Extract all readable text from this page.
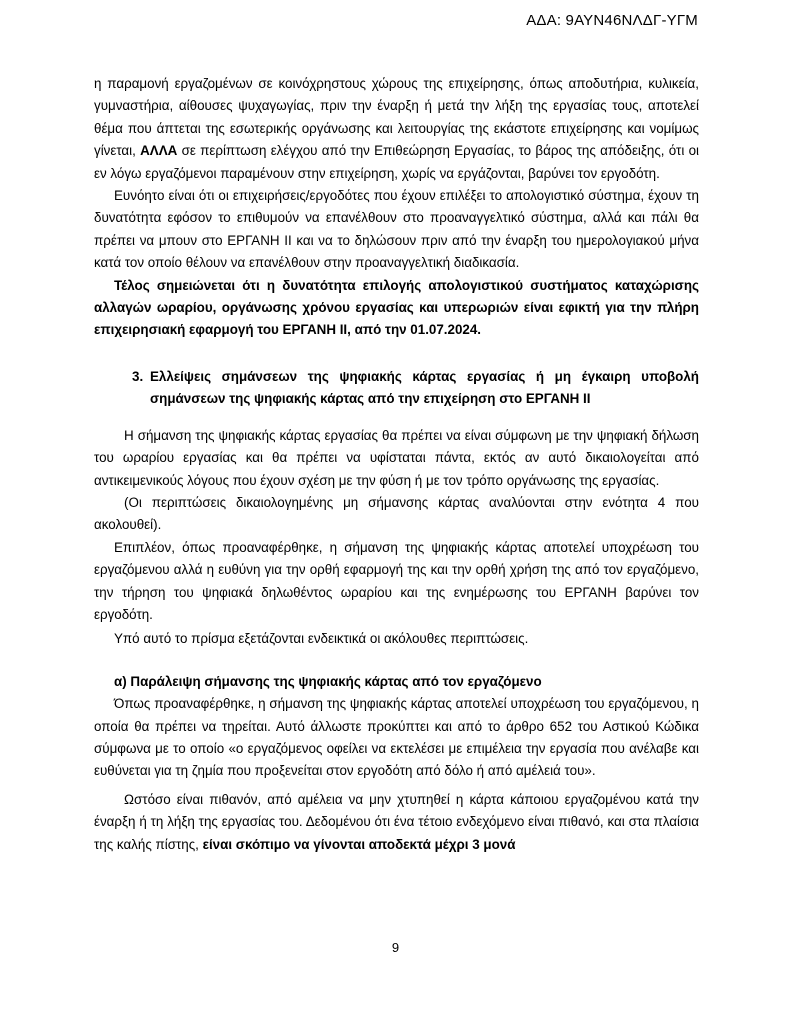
ΑΔΑ: 9ΑΥΝ46ΝΛΔΓ-ΥΓΜ

η παραμονή εργαζομένων σε κοινόχρηστους χώρους της επιχείρησης, όπως αποδυτήρια, κυλικεία, γυμναστήρια, αίθουσες ψυχαγωγίας, πριν την έναρξη ή μετά την λήξη της εργασίας τους, αποτελεί θέμα που άπτεται της εσωτερικής οργάνωσης και λειτουργίας της εκάστοτε επιχείρησης και νομίμως γίνεται, ΑΛΛΑ σε περίπτωση ελέγχου από την Επιθεώρηση Εργασίας, το βάρος της απόδειξης, ότι οι εν λόγω εργαζόμενοι παραμένουν στην επιχείρηση, χωρίς να εργάζονται, βαρύνει τον εργοδότη.

Ευνόητο είναι ότι οι επιχειρήσεις/εργοδότες που έχουν επιλέξει το απολογιστικό σύστημα, έχουν τη δυνατότητα εφόσον το επιθυμούν να επανέλθουν στο προαναγγελτικό σύστημα, αλλά και πάλι θα πρέπει να μπουν στο ΕΡΓΑΝΗ ΙΙ και να το δηλώσουν πριν από την έναρξη του ημερολογιακού μήνα κατά τον οποίο θέλουν να επανέλθουν στην προαναγγελτική διαδικασία.

Τέλος σημειώνεται ότι η δυνατότητα επιλογής απολογιστικού συστήματος καταχώρισης αλλαγών ωραρίου, οργάνωσης χρόνου εργασίας και υπερωριών είναι εφικτή για την πλήρη επιχειρησιακή εφαρμογή του ΕΡΓΑΝΗ ΙΙ, από την 01.07.2024.

3. Ελλείψεις σημάνσεων της ψηφιακής κάρτας εργασίας ή μη έγκαιρη υποβολή σημάνσεων της ψηφιακής κάρτας από την επιχείρηση στο ΕΡΓΑΝΗ ΙΙ

Η σήμανση της ψηφιακής κάρτας εργασίας θα πρέπει να είναι σύμφωνη με την ψηφιακή δήλωση του ωραρίου εργασίας και θα πρέπει να υφίσταται πάντα, εκτός αν αυτό δικαιολογείται από αντικειμενικούς λόγους που έχουν σχέση με την φύση ή με τον τρόπο οργάνωσης της εργασίας.

(Οι περιπτώσεις δικαιολογημένης μη σήμανσης κάρτας αναλύονται στην ενότητα 4 που ακολουθεί).

Επιπλέον, όπως προαναφέρθηκε, η σήμανση της ψηφιακής κάρτας αποτελεί υποχρέωση του εργαζόμενου αλλά η ευθύνη για την ορθή εφαρμογή της και την ορθή χρήση της από τον εργαζόμενο, την τήρηση του ψηφιακά δηλωθέντος ωραρίου και της ενημέρωσης του ΕΡΓΑΝΗ βαρύνει τον εργοδότη.

Υπό αυτό το πρίσμα εξετάζονται ενδεικτικά οι ακόλουθες περιπτώσεις.

α) Παράλειψη σήμανσης της ψηφιακής κάρτας από τον εργαζόμενο

Όπως προαναφέρθηκε, η σήμανση της ψηφιακής κάρτας αποτελεί υποχρέωση του εργαζόμενου, η οποία θα πρέπει να τηρείται. Αυτό άλλωστε προκύπτει και από το άρθρο 652 του Αστικού Κώδικα σύμφωνα με το οποίο «ο εργαζόμενος οφείλει να εκτελέσει με επιμέλεια την εργασία που ανέλαβε και ευθύνεται για τη ζημία που προξενείται στον εργοδότη από δόλο ή από αμέλειά του».

Ωστόσο είναι πιθανόν, από αμέλεια να μην χτυπηθεί η κάρτα κάποιου εργαζομένου κατά την έναρξη ή τη λήξη της εργασίας του. Δεδομένου ότι ένα τέτοιο ενδεχόμενο είναι πιθανό, και στα πλαίσια της καλής πίστης, είναι σκόπιμο να γίνονται αποδεκτά μέχρι 3 μονά

9
